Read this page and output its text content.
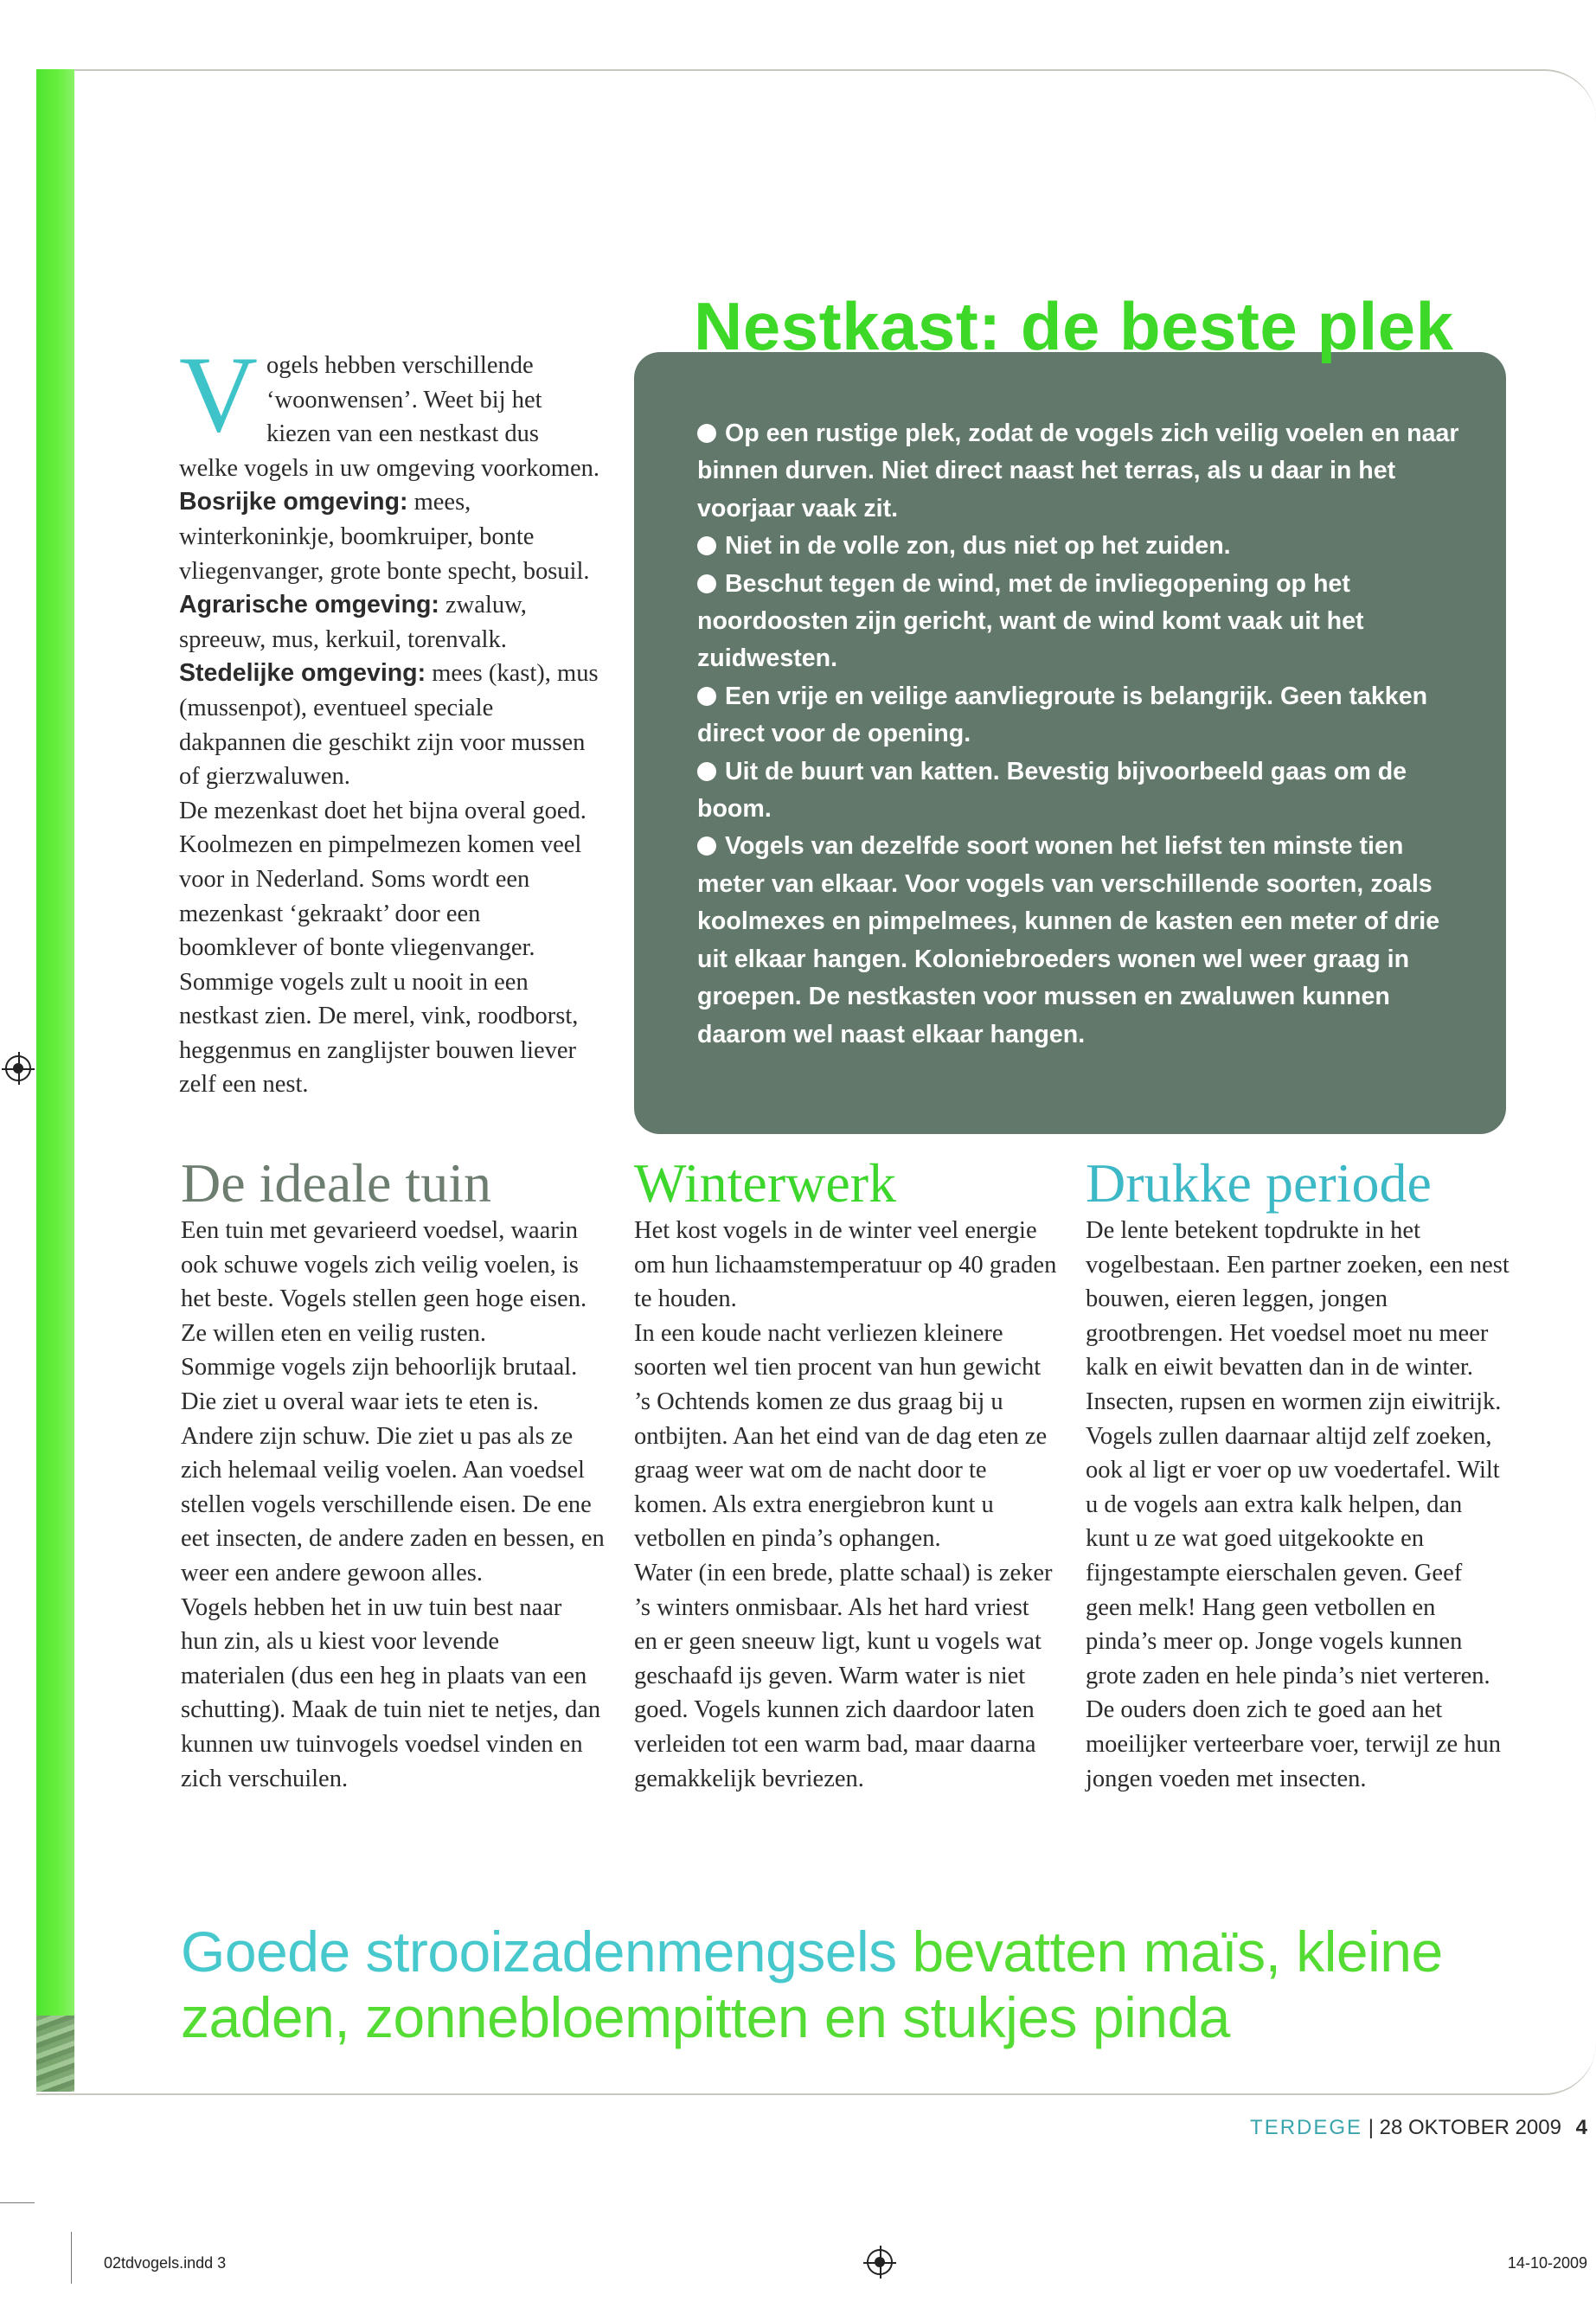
V ogels hebben verschillende ‘woonwensen’. Weet bij het kiezen van een nestkast dus welke vogels in uw omgeving voorkomen. Bosrijke omgeving: mees, winterkoninkje, boomkruiper, bonte vliegenvanger, grote bonte specht, bosuil. Agrarische omgeving: zwaluw, spreeuw, mus, kerkuil, torenvalk. Stedelijke omgeving: mees (kast), mus (mussenpot), eventueel speciale dakpannen die geschikt zijn voor mussen of gierzwaluwen.

De mezenkast doet het bijna overal goed. Koolmezen en pimpelmezen komen veel voor in Nederland. Soms wordt een mezenkast ‘gekraakt’ door een boomklever of bonte vliegenvanger. Sommige vogels zult u nooit in een nestkast zien. De merel, vink, roodborst, heggenmus en zanglijster bouwen liever zelf een nest.

Nestkast: de beste plek
Op een rustige plek, zodat de vogels zich veilig voelen en naar binnen durven. Niet direct naast het terras, als u daar in het voorjaar vaak zit.
Niet in de volle zon, dus niet op het zuiden.
Beschut tegen de wind, met de invliegopening op het noordoosten zijn gericht, want de wind komt vaak uit het zuidwesten.
Een vrije en veilige aanvliegroute is belangrijk. Geen takken direct voor de opening.
Uit de buurt van katten. Bevestig bijvoorbeeld gaas om de boom.
Vogels van dezelfde soort wonen het liefst ten minste tien meter van elkaar. Voor vogels van verschillende soorten, zoals koolmexes en pimpelmees, kunnen de kasten een meter of drie uit elkaar hangen. Koloniebroeders wonen wel weer graag in groepen. De nestkasten voor mussen en zwaluwen kunnen daarom wel naast elkaar hangen.
De ideale tuin

Een tuin met gevarieerd voedsel, waarin ook schuwe vogels zich veilig voelen, is het beste. Vogels stellen geen hoge eisen. Ze willen eten en veilig rusten.

Sommige vogels zijn behoorlijk brutaal. Die ziet u overal waar iets te eten is. Andere zijn schuw. Die ziet u pas als ze zich helemaal veilig voelen. Aan voedsel stellen vogels verschillende eisen. De ene eet insecten, de andere zaden en bessen, en weer een andere gewoon alles.

Vogels hebben het in uw tuin best naar hun zin, als u kiest voor levende materialen (dus een heg in plaats van een schutting). Maak de tuin niet te netjes, dan kunnen uw tuinvogels voedsel vinden en zich verschuilen.

Winterwerk

Het kost vogels in de winter veel energie om hun lichaamstemperatuur op 40 graden te houden.

In een koude nacht verliezen kleinere soorten wel tien procent van hun gewicht ’s Ochtends komen ze dus graag bij u ontbijten. Aan het eind van de dag eten ze graag weer wat om de nacht door te komen. Als extra energiebron kunt u vetbollen en pinda’s ophangen.

Water (in een brede, platte schaal) is zeker ’s winters onmisbaar. Als het hard vriest en er geen sneeuw ligt, kunt u vogels wat geschaafd ijs geven. Warm water is niet goed. Vogels kunnen zich daardoor laten verleiden tot een warm bad, maar daarna gemakkelijk bevriezen.

Drukke periode

De lente betekent topdrukte in het vogelbestaan. Een partner zoeken, een nest bouwen, eieren leggen, jongen grootbrengen. Het voedsel moet nu meer kalk en eiwit bevatten dan in de winter.

Insecten, rupsen en wormen zijn eiwitrijk. Vogels zullen daarnaar altijd zelf zoeken, ook al ligt er voer op uw voedertafel. Wilt u de vogels aan extra kalk helpen, dan kunt u ze wat goed uitgekookte en fijngestampte eierschalen geven. Geef geen melk! Hang geen vetbollen en pinda’s meer op. Jonge vogels kunnen grote zaden en hele pinda’s niet verteren. De ouders doen zich te goed aan het moeilijker verteerbare voer, terwijl ze hun jongen voeden met insecten.

Goede strooizadenmengsels bevatten maïs, kleine zaden, zonnebloempitten en stukjes pinda

TERDEGE | 28 OKTOBER 2009 4
02tdvogels.indd 3	14-10-2009
